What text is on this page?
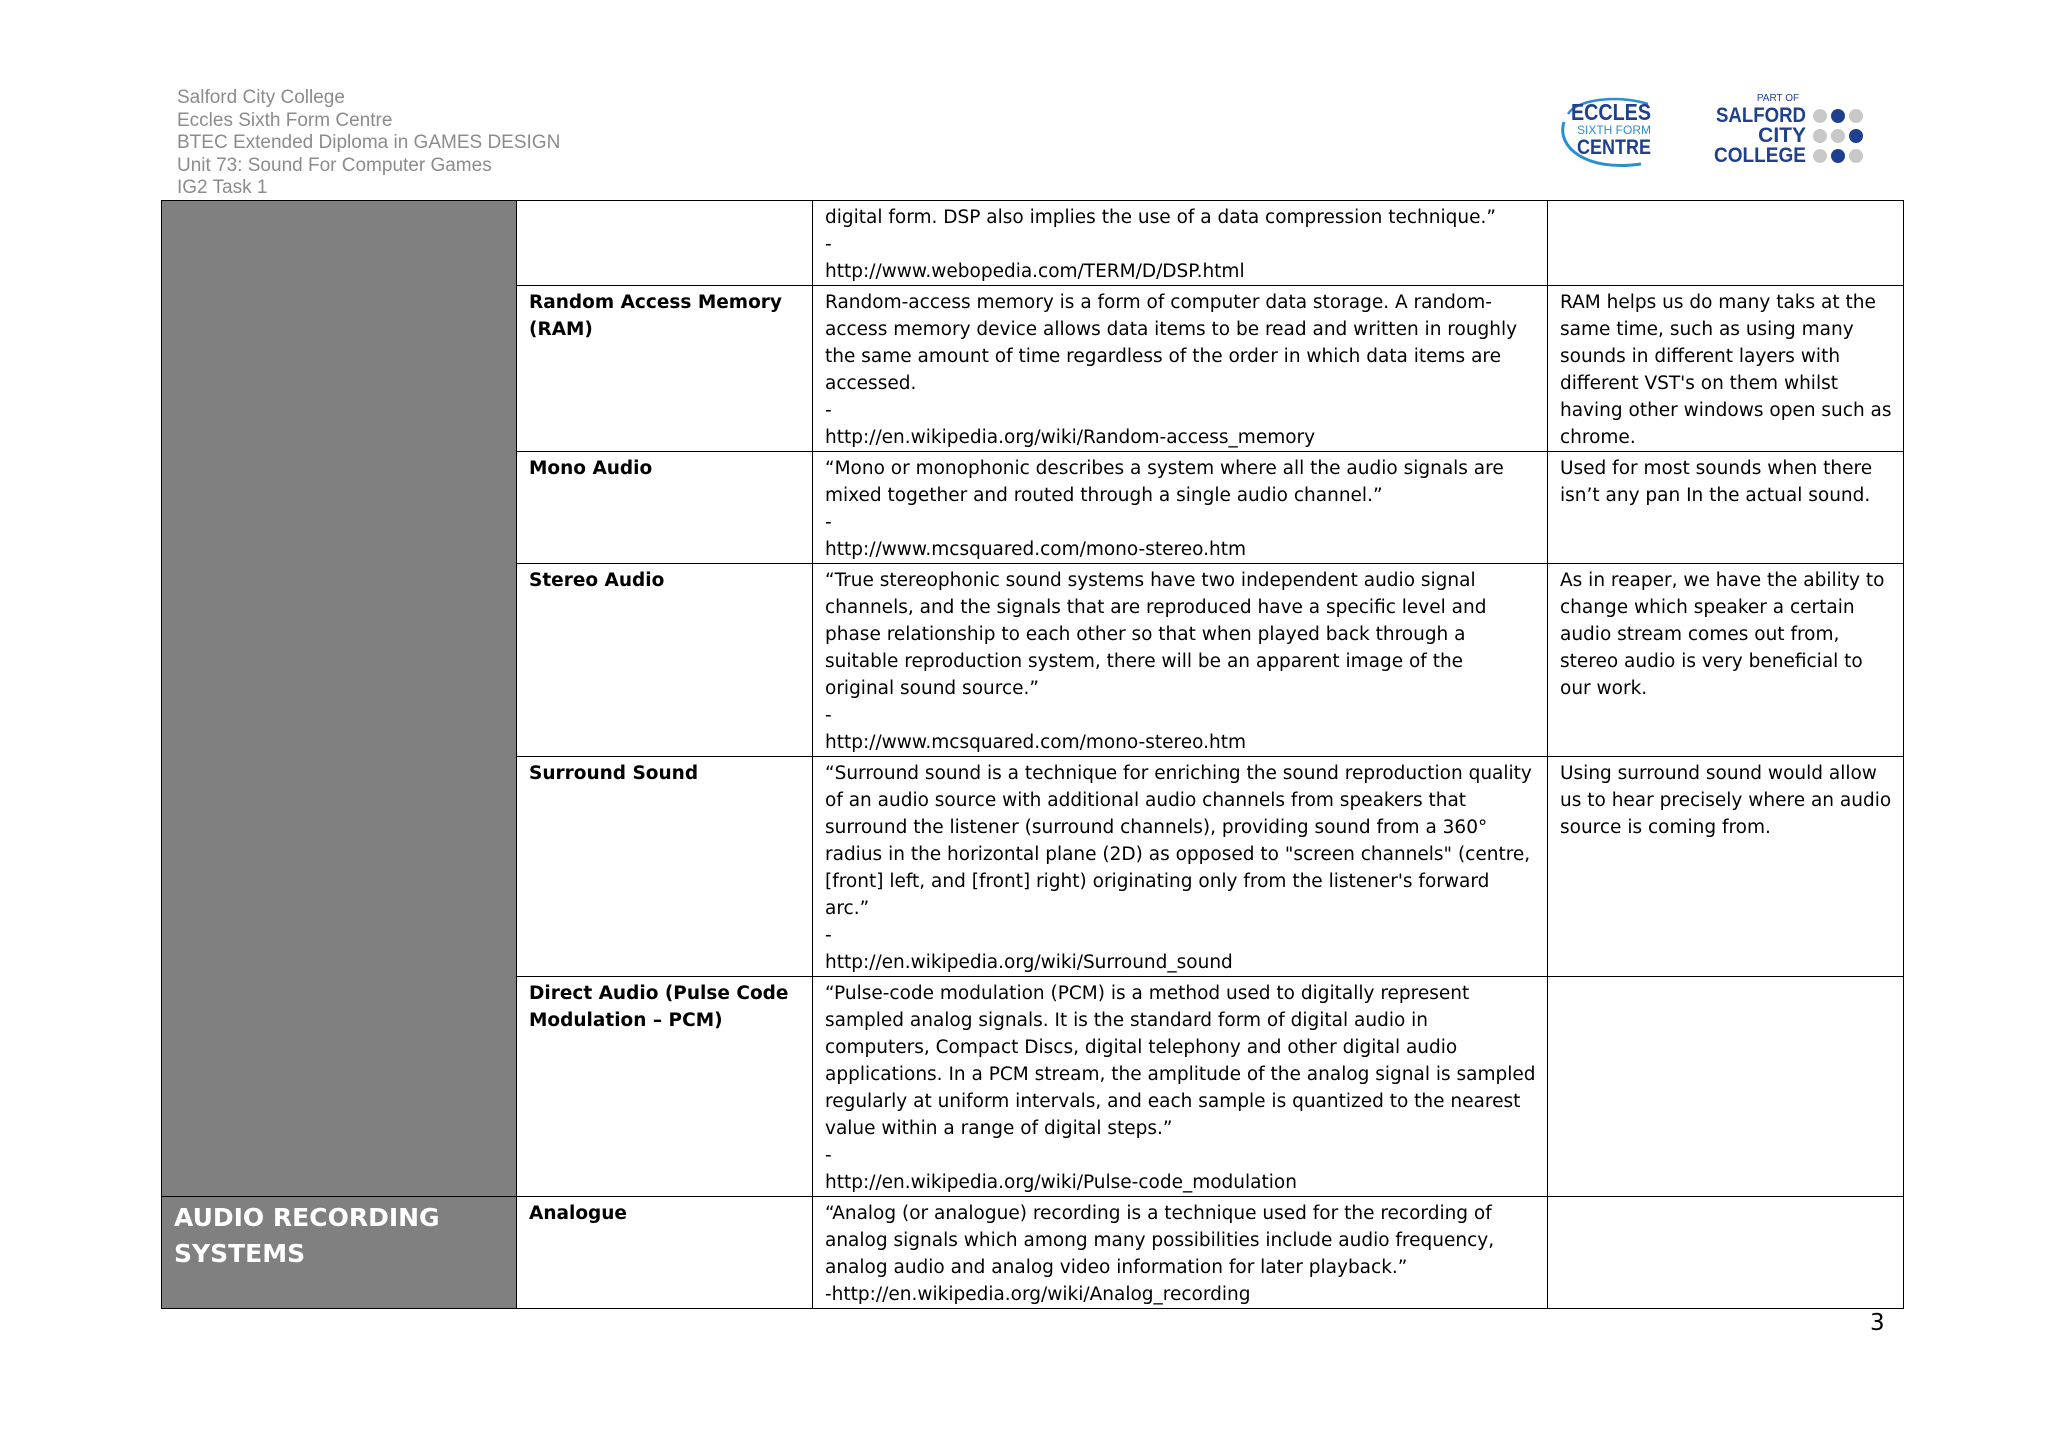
Salford City College
Eccles Sixth Form Centre
BTEC Extended Diploma in GAMES DESIGN
Unit 73: Sound For Computer Games
IG2 Task 1
ECCLES
SIXTH FORM
CENTRE
PART OF
SALFORD
CITY
COLLEGE
		digital form. DSP also implies the use of a data compression technique.”
-
http://www.webopedia.com/TERM/D/DSP.html	
	Random Access Memory (RAM)	Random-access memory is a form of computer data storage. A random-access memory device allows data items to be read and written in roughly the same amount of time regardless of the order in which data items are accessed.
-
http://en.wikipedia.org/wiki/Random-access_memory	RAM helps us do many taks at the same time, such as using many sounds in different layers with different VST's on them whilst having other windows open such as chrome.
	Mono Audio	“Mono or monophonic describes a system where all the audio signals are mixed together and routed through a single audio channel.”
-
http://www.mcsquared.com/mono-stereo.htm	Used for most sounds when there isn’t any pan In the actual sound.
	Stereo Audio	“True stereophonic sound systems have two independent audio signal channels, and the signals that are reproduced have a specific level and phase relationship to each other so that when played back through a suitable reproduction system, there will be an apparent image of the original sound source.”
-
http://www.mcsquared.com/mono-stereo.htm	As in reaper, we have the ability to change which speaker a certain audio stream comes out from, stereo audio is very beneficial to our work.
	Surround Sound	“Surround sound is a technique for enriching the sound reproduction quality of an audio source with additional audio channels from speakers that surround the listener (surround channels), providing sound from a 360° radius in the horizontal plane (2D) as opposed to "screen channels" (centre, [front] left, and [front] right) originating only from the listener's forward arc.”
-
http://en.wikipedia.org/wiki/Surround_sound	Using surround sound would allow us to hear precisely where an audio source is coming from.
	Direct Audio (Pulse Code Modulation – PCM)	“Pulse-code modulation (PCM) is a method used to digitally represent sampled analog signals. It is the standard form of digital audio in computers, Compact Discs, digital telephony and other digital audio applications. In a PCM stream, the amplitude of the analog signal is sampled regularly at uniform intervals, and each sample is quantized to the nearest value within a range of digital steps.”
-
http://en.wikipedia.org/wiki/Pulse-code_modulation	

AUDIO RECORDING SYSTEMS	Analogue	“Analog (or analogue) recording is a technique used for the recording of analog signals which among many possibilities include audio frequency, analog audio and analog video information for later playback.”
-http://en.wikipedia.org/wiki/Analog_recording	
3
